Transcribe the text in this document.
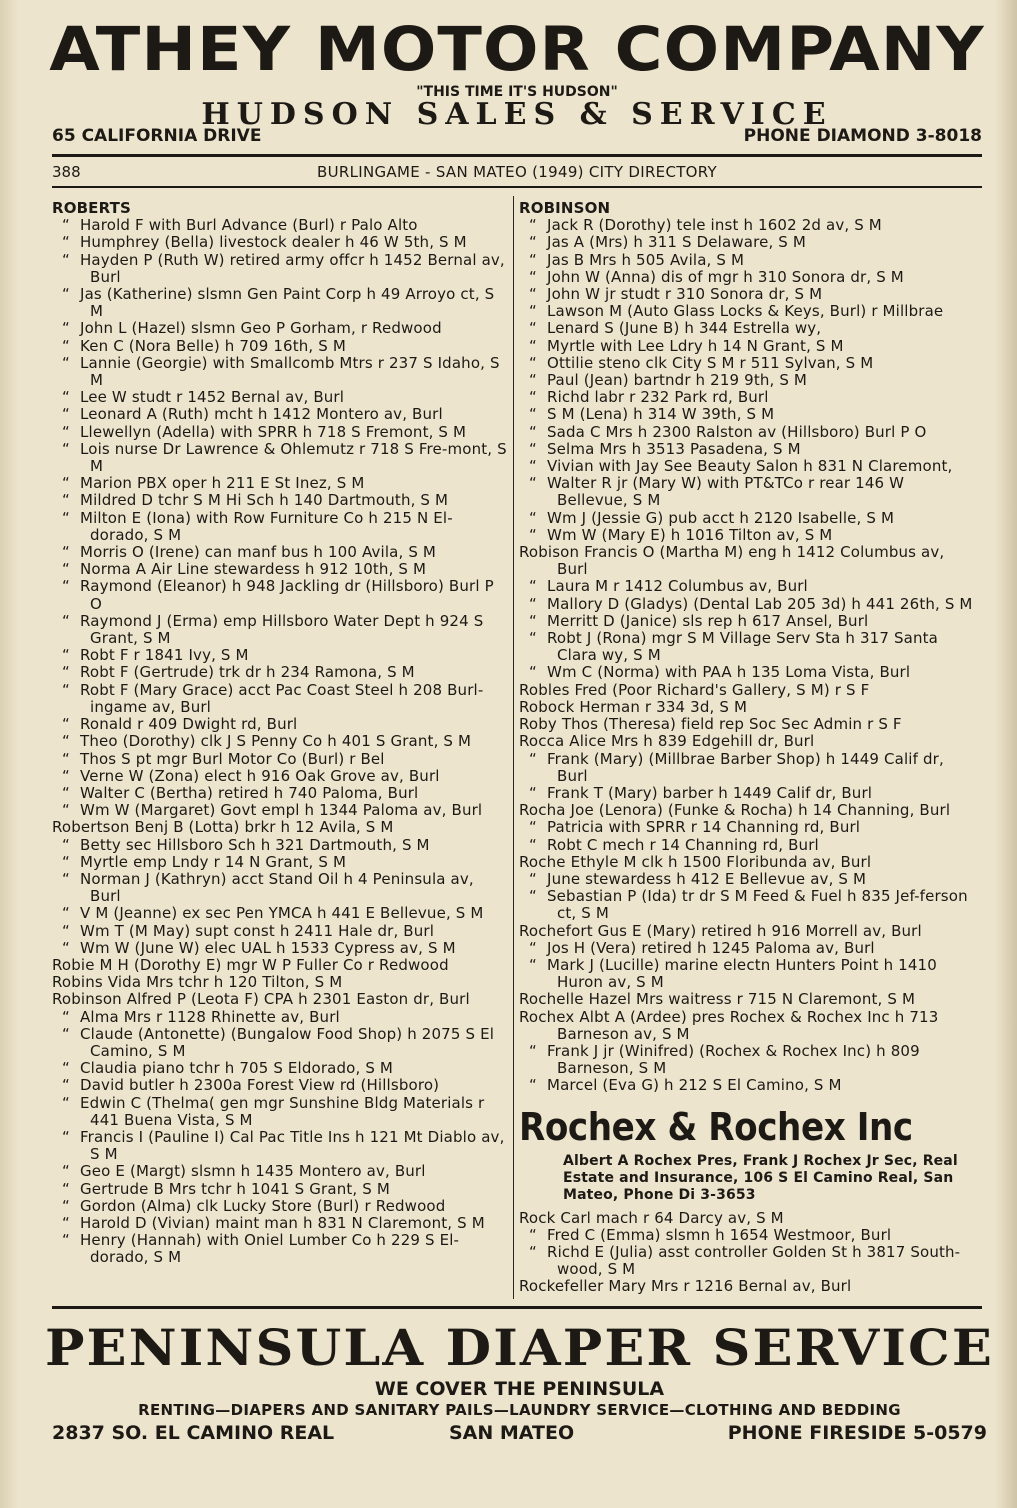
ATHEY MOTOR COMPANY
"THIS TIME IT'S HUDSON"
HUDSON SALES & SERVICE
65 CALIFORNIA DRIVE	PHONE DIAMOND 3-8018
388	BURLINGAME - SAN MATEO (1949) CITY DIRECTORY
ROBERTS
“ Harold F with Burl Advance (Burl) r Palo Alto
“ Humphrey (Bella) livestock dealer h 46 W 5th, S M
“ Hayden P (Ruth W) retired army offcr h 1452 Bernal av, Burl
“ Jas (Katherine) slsmn Gen Paint Corp h 49 Arroyo ct, S M
“ John L (Hazel) slsmn Geo P Gorham, r Redwood
“ Ken C (Nora Belle) h 709 16th, S M
“ Lannie (Georgie) with Smallcomb Mtrs r 237 S Idaho, S M
“ Lee W studt r 1452 Bernal av, Burl
“ Leonard A (Ruth) mcht h 1412 Montero av, Burl
“ Llewellyn (Adella) with SPRR h 718 S Fremont, S M
“ Lois nurse Dr Lawrence & Ohlemutz r 718 S Fre-mont, S M
“ Marion PBX oper h 211 E St Inez, S M
“ Mildred D tchr S M Hi Sch h 140 Dartmouth, S M
“ Milton E (Iona) with Row Furniture Co h 215 N El-dorado, S M
“ Morris O (Irene) can manf bus h 100 Avila, S M
“ Norma A Air Line stewardess h 912 10th, S M
“ Raymond (Eleanor) h 948 Jackling dr (Hillsboro) Burl P O
“ Raymond J (Erma) emp Hillsboro Water Dept h 924 S Grant, S M
“ Robt F r 1841 Ivy, S M
“ Robt F (Gertrude) trk dr h 234 Ramona, S M
“ Robt F (Mary Grace) acct Pac Coast Steel h 208 Burl-ingame av, Burl
“ Ronald r 409 Dwight rd, Burl
“ Theo (Dorothy) clk J S Penny Co h 401 S Grant, S M
“ Thos S pt mgr Burl Motor Co (Burl) r Bel
“ Verne W (Zona) elect h 916 Oak Grove av, Burl
“ Walter C (Bertha) retired h 740 Paloma, Burl
“ Wm W (Margaret) Govt empl h 1344 Paloma av, Burl
Robertson Benj B (Lotta) brkr h 12 Avila, S M
“ Betty sec Hillsboro Sch h 321 Dartmouth, S M
“ Myrtle emp Lndy r 14 N Grant, S M
“ Norman J (Kathryn) acct Stand Oil h 4 Peninsula av, Burl
“ V M (Jeanne) ex sec Pen YMCA h 441 E Bellevue, S M
“ Wm T (M May) supt const h 2411 Hale dr, Burl
“ Wm W (June W) elec UAL h 1533 Cypress av, S M
Robie M H (Dorothy E) mgr W P Fuller Co r Redwood
Robins Vida Mrs tchr h 120 Tilton, S M
Robinson Alfred P (Leota F) CPA h 2301 Easton dr, Burl
“ Alma Mrs r 1128 Rhinette av, Burl
“ Claude (Antonette) (Bungalow Food Shop) h 2075 S El Camino, S M
“ Claudia piano tchr h 705 S Eldorado, S M
“ David butler h 2300a Forest View rd (Hillsboro)
“ Edwin C (Thelma( gen mgr Sunshine Bldg Materials r 441 Buena Vista, S M
“ Francis I (Pauline I) Cal Pac Title Ins h 121 Mt Diablo av, S M
“ Geo E (Margt) slsmn h 1435 Montero av, Burl
“ Gertrude B Mrs tchr h 1041 S Grant, S M
“ Gordon (Alma) clk Lucky Store (Burl) r Redwood
“ Harold D (Vivian) maint man h 831 N Claremont, S M
“ Henry (Hannah) with Oniel Lumber Co h 229 S El-dorado, S M
ROBINSON
“ Jack R (Dorothy) tele inst h 1602 2d av, S M
“ Jas A (Mrs) h 311 S Delaware, S M
“ Jas B Mrs h 505 Avila, S M
“ John W (Anna) dis of mgr h 310 Sonora dr, S M
“ John W jr studt r 310 Sonora dr, S M
“ Lawson M (Auto Glass Locks & Keys, Burl) r Millbrae
“ Lenard S (June B) h 344 Estrella wy,
“ Myrtle with Lee Ldry h 14 N Grant, S M
“ Ottilie steno clk City S M r 511 Sylvan, S M
“ Paul (Jean) bartndr h 219 9th, S M
“ Richd labr r 232 Park rd, Burl
“ S M (Lena) h 314 W 39th, S M
“ Sada C Mrs h 2300 Ralston av (Hillsboro) Burl P O
“ Selma Mrs h 3513 Pasadena, S M
“ Vivian with Jay See Beauty Salon h 831 N Claremont,
“ Walter R jr (Mary W) with PT&TCo r rear 146 W Bellevue, S M
“ Wm J (Jessie G) pub acct h 2120 Isabelle, S M
“ Wm W (Mary E) h 1016 Tilton av, S M
Robison Francis O (Martha M) eng h 1412 Columbus av, Burl
“ Laura M r 1412 Columbus av, Burl
“ Mallory D (Gladys) (Dental Lab 205 3d) h 441 26th, S M
“ Merritt D (Janice) sls rep h 617 Ansel, Burl
“ Robt J (Rona) mgr S M Village Serv Sta h 317 Santa Clara wy, S M
“ Wm C (Norma) with PAA h 135 Loma Vista, Burl
Robles Fred (Poor Richard's Gallery, S M) r S F
Robock Herman r 334 3d, S M
Roby Thos (Theresa) field rep Soc Sec Admin r S F
Rocca Alice Mrs h 839 Edgehill dr, Burl
“ Frank (Mary) (Millbrae Barber Shop) h 1449 Calif dr, Burl
“ Frank T (Mary) barber h 1449 Calif dr, Burl
Rocha Joe (Lenora) (Funke & Rocha) h 14 Channing, Burl
“ Patricia with SPRR r 14 Channing rd, Burl
“ Robt C mech r 14 Channing rd, Burl
Roche Ethyle M clk h 1500 Floribunda av, Burl
“ June stewardess h 412 E Bellevue av, S M
“ Sebastian P (Ida) tr dr S M Feed & Fuel h 835 Jef-ferson ct, S M
Rochefort Gus E (Mary) retired h 916 Morrell av, Burl
“ Jos H (Vera) retired h 1245 Paloma av, Burl
“ Mark J (Lucille) marine electn Hunters Point h 1410 Huron av, S M
Rochelle Hazel Mrs waitress r 715 N Claremont, S M
Rochex Albt A (Ardee) pres Rochex & Rochex Inc h 713 Barneson av, S M
“ Frank J jr (Winifred) (Rochex & Rochex Inc) h 809 Barneson, S M
“ Marcel (Eva G) h 212 S El Camino, S M
Rochex & Rochex Inc
Albert A Rochex Pres, Frank J Rochex Jr Sec, Real Estate and Insurance, 106 S El Camino Real, San Mateo, Phone Di 3-3653
Rock Carl mach r 64 Darcy av, S M
“ Fred C (Emma) slsmn h 1654 Westmoor, Burl
“ Richd E (Julia) asst controller Golden St h 3817 South-wood, S M
Rockefeller Mary Mrs r 1216 Bernal av, Burl
PENINSULA DIAPER SERVICE
WE COVER THE PENINSULA
RENTING—DIAPERS AND SANITARY PAILS—LAUNDRY SERVICE—CLOTHING AND BEDDING
2837 SO. EL CAMINO REAL	SAN MATEO	PHONE FIRESIDE 5-0579
